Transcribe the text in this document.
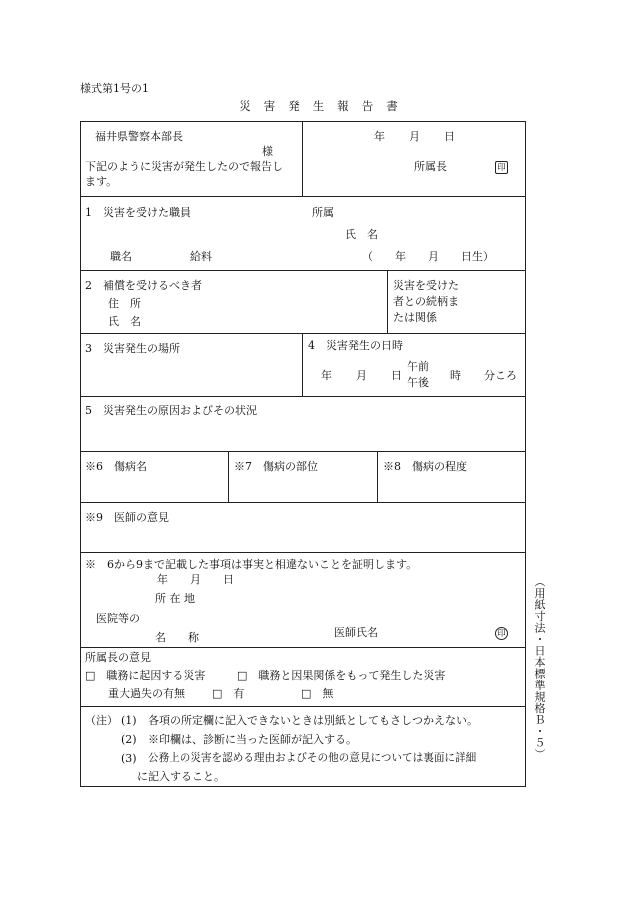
様式第1号の1
災害発生報告書
福井県警察本部長
様
下記のように災害が発生したので報告し
ます。
年 月 日
所属長	印
1　災害を受けた職員	所属
氏　名
職名	給料	（　　年　　月　　日生）
2　補償を受けるべき者
住　所
氏　名
災害を受けた
者との続柄ま
たは関係
3　災害発生の場所	4　災害発生の日時
年 月 日
午前
午後
時 分ころ
5　災害発生の原因およびその状況
※6　傷病名	※7　傷病の部位	※8　傷病の程度
※9　医師の意見
※　6から9まで記載した事項は事実と相違ないことを証明します。
年　　月　　日
所 在 地
医院等の
名　　称	医師氏名	印
所属長の意見
□　職務に起因する災害	□　職務と因果関係をもって発生した災害
重大過失の有無 □　有	□　無
（注） (1) 各項の所定欄に記入できないときは別紙としてもさしつかえない。
(2) ※印欄は、診断に当った医師が記入する。
(3) 公務上の災害を認める理由およびその他の意見については裏面に詳細
に記入すること。
（用紙寸法・日本標準規格Ｂ・５）
